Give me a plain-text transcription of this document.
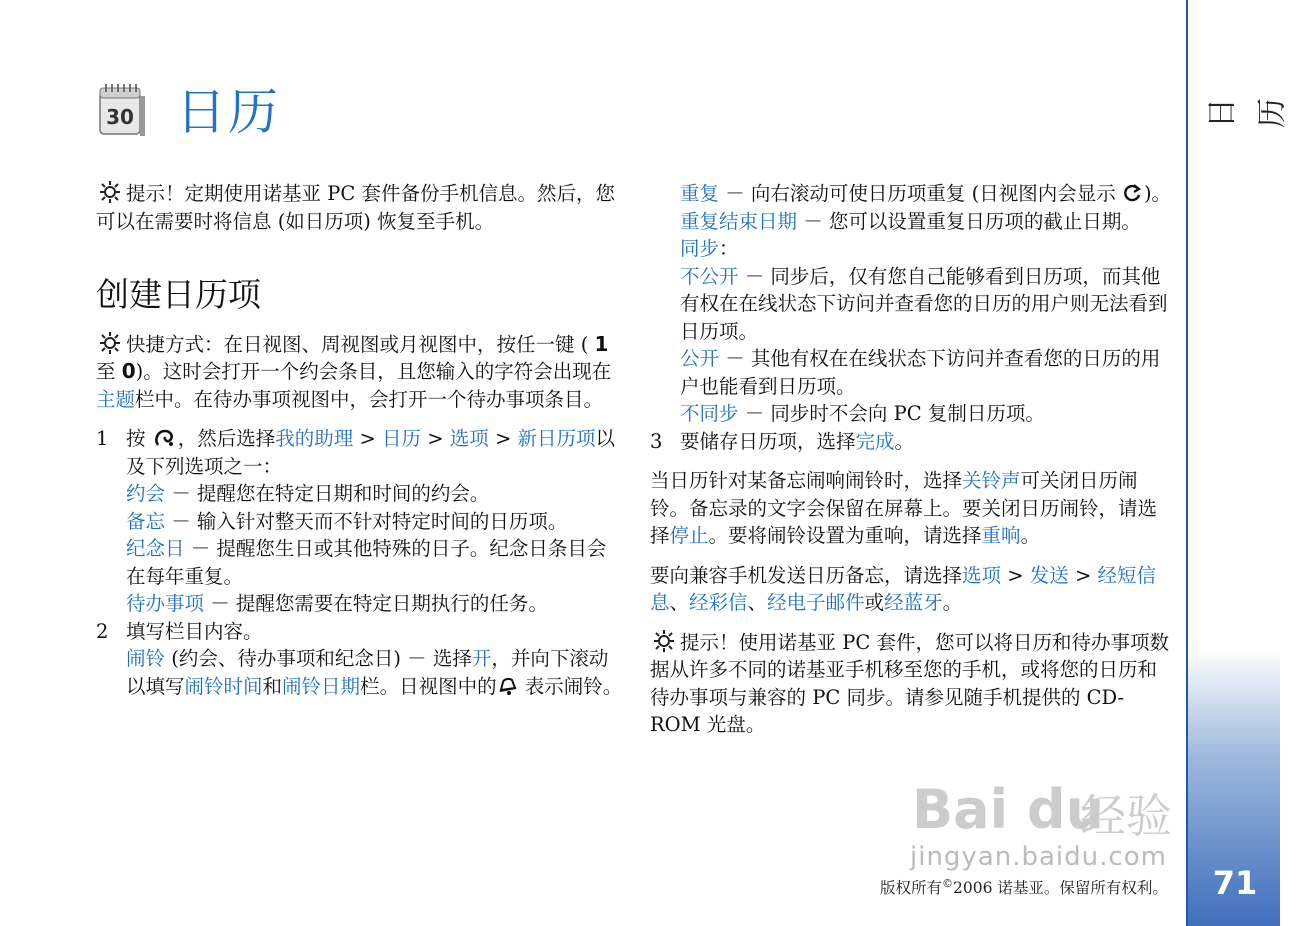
日历
71
30 日历

提示！定期使用诺基亚 PC 套件备份手机信息。然后，您可以在需要时将信息 (如日历项) 恢复至手机。

创建日历项

快捷方式：在日视图、周视图或月视图中，按任一键 ( 1 至 0)。这时会打开一个约会条目，且您输入的字符会出现在主题栏中。在待办事项视图中，会打开一个待办事项条目。

1 按 ，然后选择我的助理 > 日历 > 选项 > 新日历项以及下列选项之一：

约会 － 提醒您在特定日期和时间的约会。

备忘 － 输入针对整天而不针对特定时间的日历项。

纪念日 － 提醒您生日或其他特殊的日子。纪念日条目会在每年重复。

待办事项 － 提醒您需要在特定日期执行的任务。

2 填写栏目内容。

闹铃 (约会、待办事项和纪念日) － 选择开，并向下滚动以填写闹铃时间和闹铃日期栏。日视图中的 表示闹铃。

重复 － 向右滚动可使日历项重复 (日视图内会显示 )。

重复结束日期 － 您可以设置重复日历项的截止日期。

同步：

不公开 － 同步后，仅有您自己能够看到日历项，而其他有权在在线状态下访问并查看您的日历的用户则无法看到日历项。

公开 － 其他有权在在线状态下访问并查看您的日历的用户也能看到日历项。

不同步 － 同步时不会向 PC 复制日历项。

3 要储存日历项，选择完成。

当日历针对某备忘闹响闹铃时，选择关铃声可关闭日历闹铃。备忘录的文字会保留在屏幕上。要关闭日历闹铃，请选择停止。要将闹铃设置为重响，请选择重响。

要向兼容手机发送日历备忘，请选择选项 > 发送 > 经短信息、经彩信、经电子邮件或经蓝牙。

提示！使用诺基亚 PC 套件，您可以将日历和待办事项数据从许多不同的诺基亚手机移至您的手机，或将您的日历和待办事项与兼容的 PC 同步。请参见随手机提供的 CD-ROM 光盘。

Bai du
经验
jingyan.baidu.com
版权所有©2006 诺基亚。保留所有权利。
